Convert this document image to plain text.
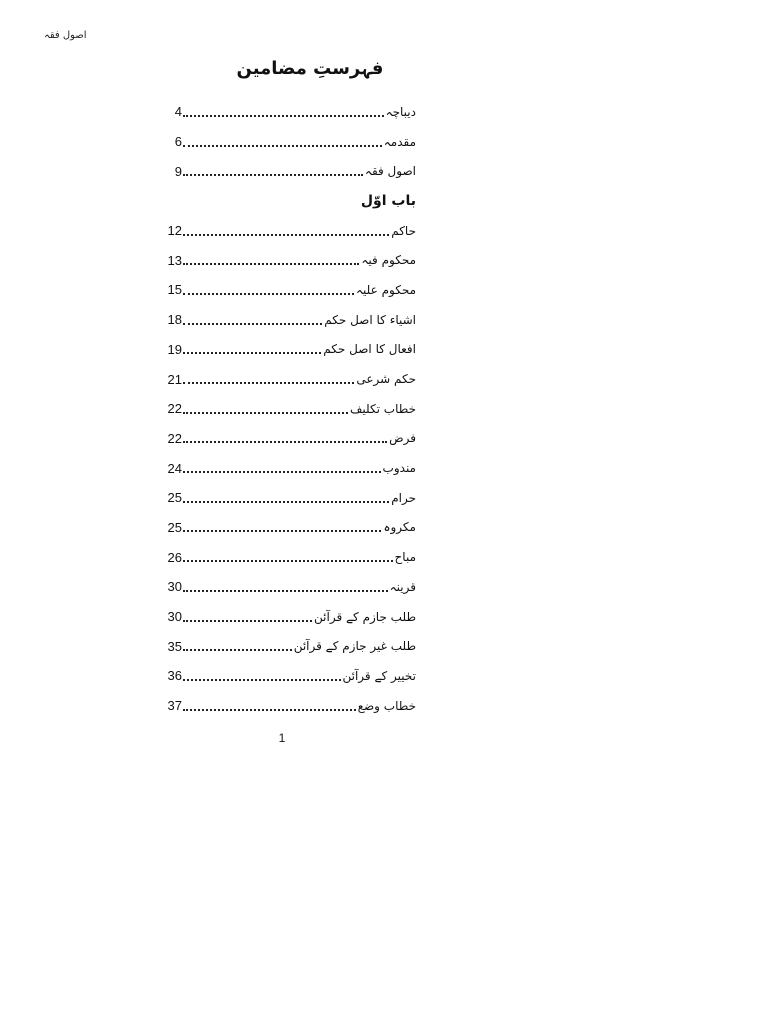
اصول فقہ
فہرستِ مضامین
4	دیباچہ
6	مقدمہ
9	اصول فقہ
باب اوّل
12	حاکم
13	محکوم فیہ
15	محکوم علیہ
18	اشیاء کا اصل حکم
19	افعال کا اصل حکم
21	حکم شرعی
22	خطاب تکلیف
22	فرض
24	مندوب
25	حرام
25	مکروہ
26	مباح
30	قرینہ
30	طلب جازم کے قرآئن
35	طلب غیر جازم کے قرآئن
36	تخییر کے قرآئن
37	خطاب وضع
1
